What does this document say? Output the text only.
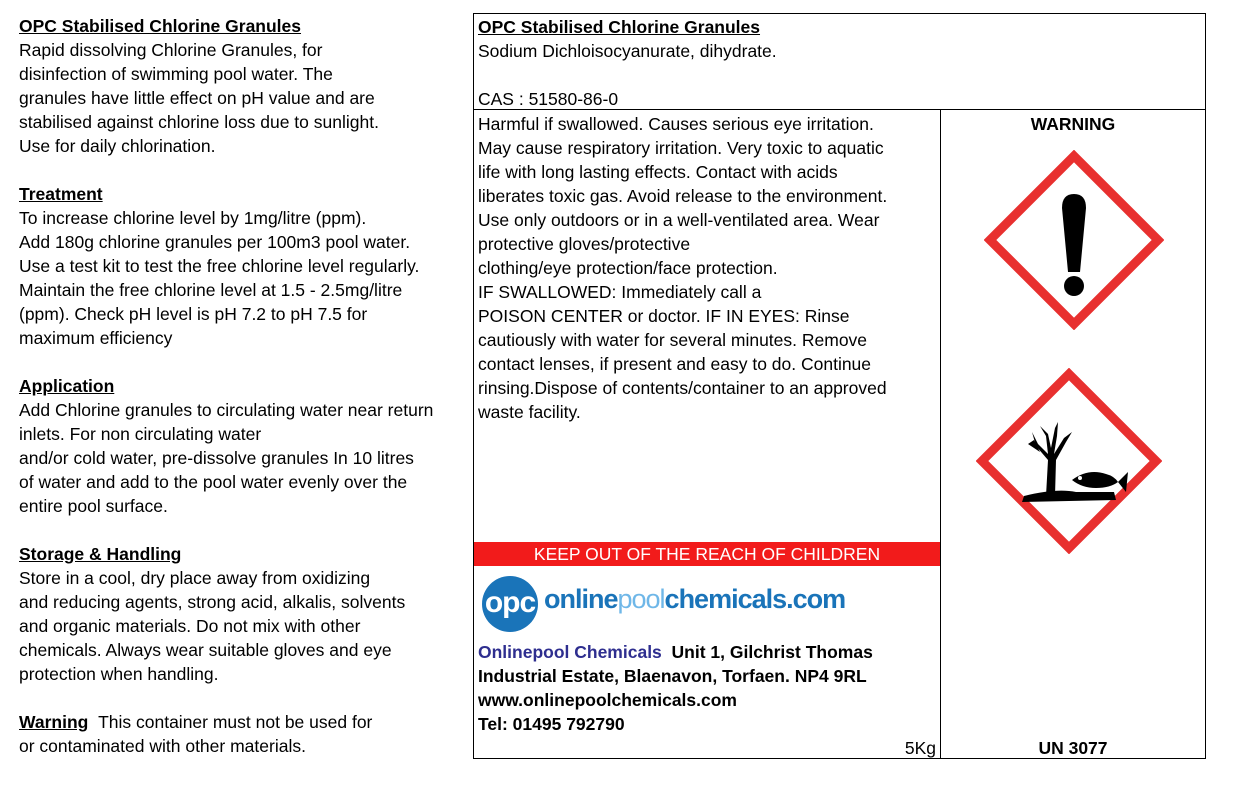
OPC Stabilised Chlorine Granules
Rapid dissolving Chlorine Granules, for
disinfection of swimming pool water. The
granules have little effect on pH value and are
stabilised against chlorine loss due to sunlight.
Use for daily chlorination.
Treatment
To increase chlorine level by 1mg/litre (ppm).
Add 180g chlorine granules per 100m3 pool water.
Use a test kit to test the free chlorine level regularly.
Maintain the free chlorine level at 1.5 - 2.5mg/litre
(ppm). Check pH level is pH 7.2 to pH 7.5 for
maximum efficiency
Application
Add Chlorine granules to circulating water near return
inlets. For non circulating water
and/or cold water, pre-dissolve granules In 10 litres
of water and add to the pool water evenly over the
entire pool surface.
Storage & Handling
Store in a cool, dry place away from oxidizing
and reducing agents, strong acid, alkalis, solvents
and organic materials. Do not mix with other
chemicals. Always wear suitable gloves and eye
protection when handling.
Warning This container must not be used for
or contaminated with other materials.
OPC Stabilised Chlorine Granules
Sodium Dichloisocyanurate, dihydrate.
CAS : 51580-86-0
Harmful if swallowed. Causes serious eye irritation.
May cause respiratory irritation. Very toxic to aquatic
life with long lasting effects. Contact with acids
liberates toxic gas. Avoid release to the environment.
Use only outdoors or in a well-ventilated area. Wear
protective gloves/protective
clothing/eye protection/face protection.
IF SWALLOWED: Immediately call a
POISON CENTER or doctor. IF IN EYES: Rinse
cautiously with water for several minutes. Remove
contact lenses, if present and easy to do. Continue
rinsing.Dispose of contents/container to an approved
waste facility.
WARNING
KEEP OUT OF THE REACH OF CHILDREN
opc onlinepoolchemicals.com
Onlinepool Chemicals Unit 1, Gilchrist Thomas
Industrial Estate, Blaenavon, Torfaen. NP4 9RL
www.onlinepoolchemicals.com
Tel: 01495 792790
5Kg	UN 3077
